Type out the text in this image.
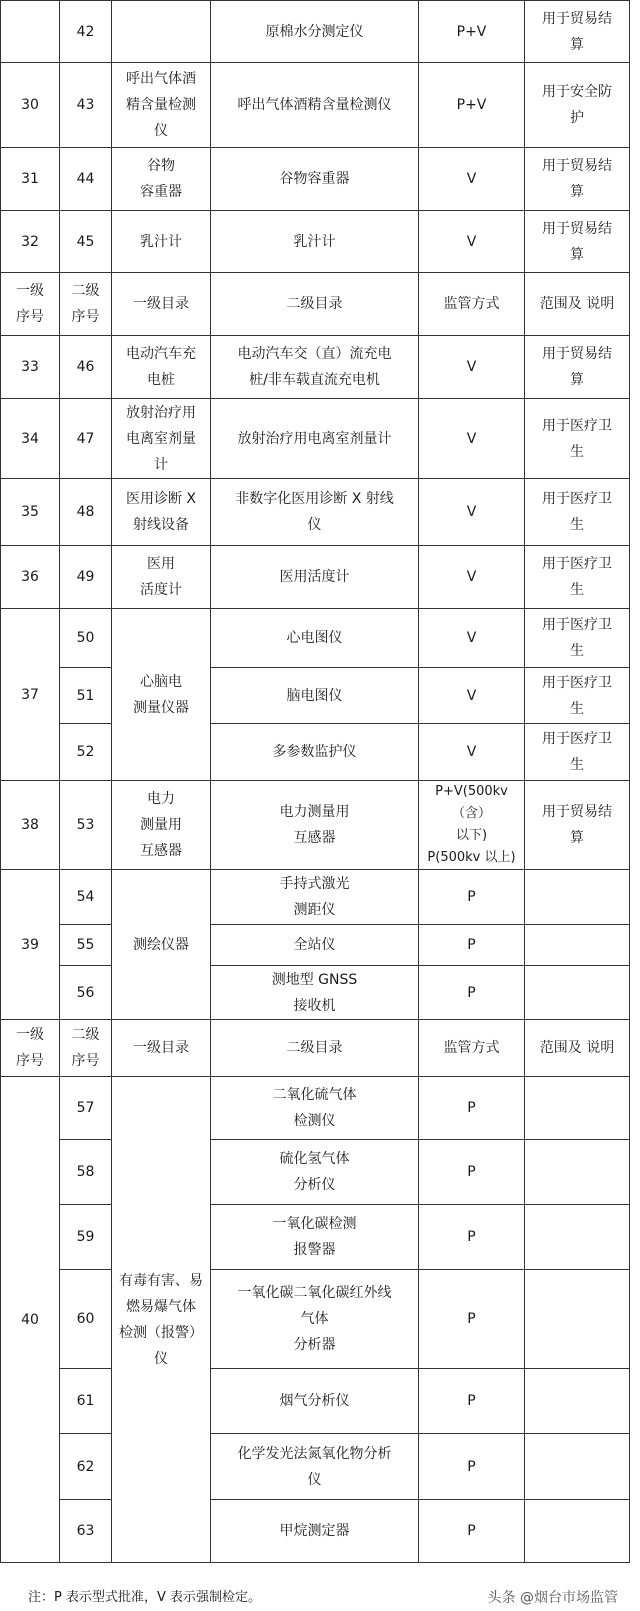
	42		原棉水分测定仪	P+V	用于贸易结
算
30	43	呼出气体酒
精含量检测
仪	呼出气体酒精含量检测仪	P+V	用于安全防
护
31	44	谷物
容重器	谷物容重器	V	用于贸易结
算
32	45	乳汁计	乳汁计	V	用于贸易结
算
一级
序号	二级
序号	一级目录	二级目录	监管方式	范围及 说明
33	46	电动汽车充
电桩	电动汽车交（直）流充电
桩/非车载直流充电机	V	用于贸易结
算
34	47	放射治疗用
电离室剂量
计	放射治疗用电离室剂量计	V	用于医疗卫
生
35	48	医用诊断 X
射线设备	非数字化医用诊断 X 射线
仪	V	用于医疗卫
生
36	49	医用
活度计	医用活度计	V	用于医疗卫
生
37	50	心脑电
测量仪器	心电图仪	V	用于医疗卫
生
	51		脑电图仪	V	用于医疗卫
生
	52		多参数监护仪	V	用于医疗卫
生
38	53	电力
测量用
互感器	电力测量用
互感器	P+V(500kv（含）
以下)
P(500kv 以上)	用于贸易结
算
39	54	测绘仪器	手持式激光
测距仪	P	
	55		全站仪	P	
	56		测地型 GNSS
接收机	P	
一级
序号	二级
序号	一级目录	二级目录	监管方式	范围及 说明
40	57	有毒有害、易
燃易爆气体
检测（报警）
仪	二氧化硫气体
检测仪	P	
	58		硫化氢气体
分析仪	P	
	59		一氧化碳检测
报警器	P	
	60		一氧化碳二氧化碳红外线
气体
分析器	P	
	61		烟气分析仪	P	
	62		化学发光法氮氧化物分析
仪	P	
	63		甲烷测定器	P	
注：P 表示型式批准，V 表示强制检定。	头条 @烟台市场监管
